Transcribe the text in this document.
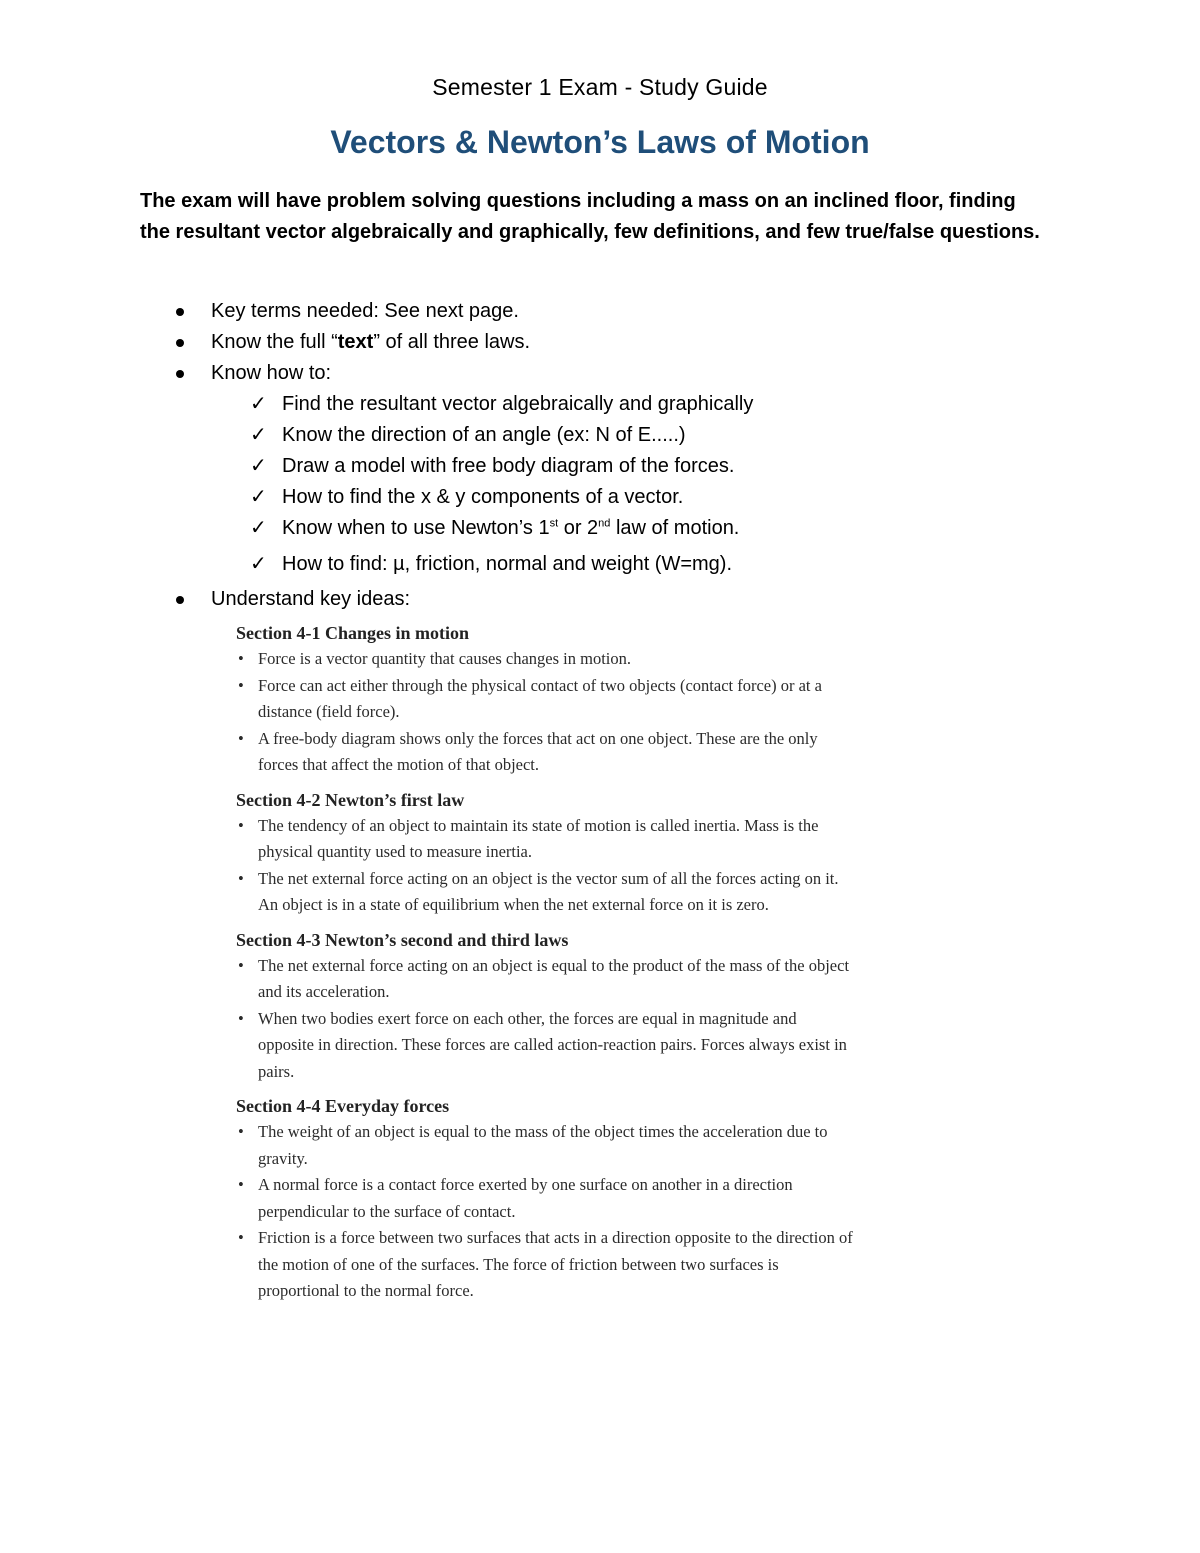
Semester 1 Exam - Study Guide
Vectors & Newton’s Laws of Motion
The exam will have problem solving questions including a mass on an inclined floor, finding the resultant vector algebraically and graphically, few definitions, and few true/false questions.
Key terms needed: See next page.
Know the full “text” of all three laws.
Know how to:
✓ Find the resultant vector algebraically and graphically
✓ Know the direction of an angle (ex: N of E.....)
✓ Draw a model with free body diagram of the forces.
✓ How to find the x & y components of a vector.
✓ Know when to use Newton’s 1st or 2nd law of motion.
✓ How to find: µ, friction, normal and weight (W=mg).
Understand key ideas:
Section 4-1 Changes in motion
• Force is a vector quantity that causes changes in motion.
• Force can act either through the physical contact of two objects (contact force) or at a distance (field force).
• A free-body diagram shows only the forces that act on one object. These are the only forces that affect the motion of that object.
Section 4-2 Newton’s first law
• The tendency of an object to maintain its state of motion is called inertia. Mass is the physical quantity used to measure inertia.
• The net external force acting on an object is the vector sum of all the forces acting on it. An object is in a state of equilibrium when the net external force on it is zero.
Section 4-3 Newton’s second and third laws
• The net external force acting on an object is equal to the product of the mass of the object and its acceleration.
• When two bodies exert force on each other, the forces are equal in magnitude and opposite in direction. These forces are called action-reaction pairs. Forces always exist in pairs.
Section 4-4 Everyday forces
• The weight of an object is equal to the mass of the object times the acceleration due to gravity.
• A normal force is a contact force exerted by one surface on another in a direction perpendicular to the surface of contact.
• Friction is a force between two surfaces that acts in a direction opposite to the direction of the motion of one of the surfaces. The force of friction between two surfaces is proportional to the normal force.
